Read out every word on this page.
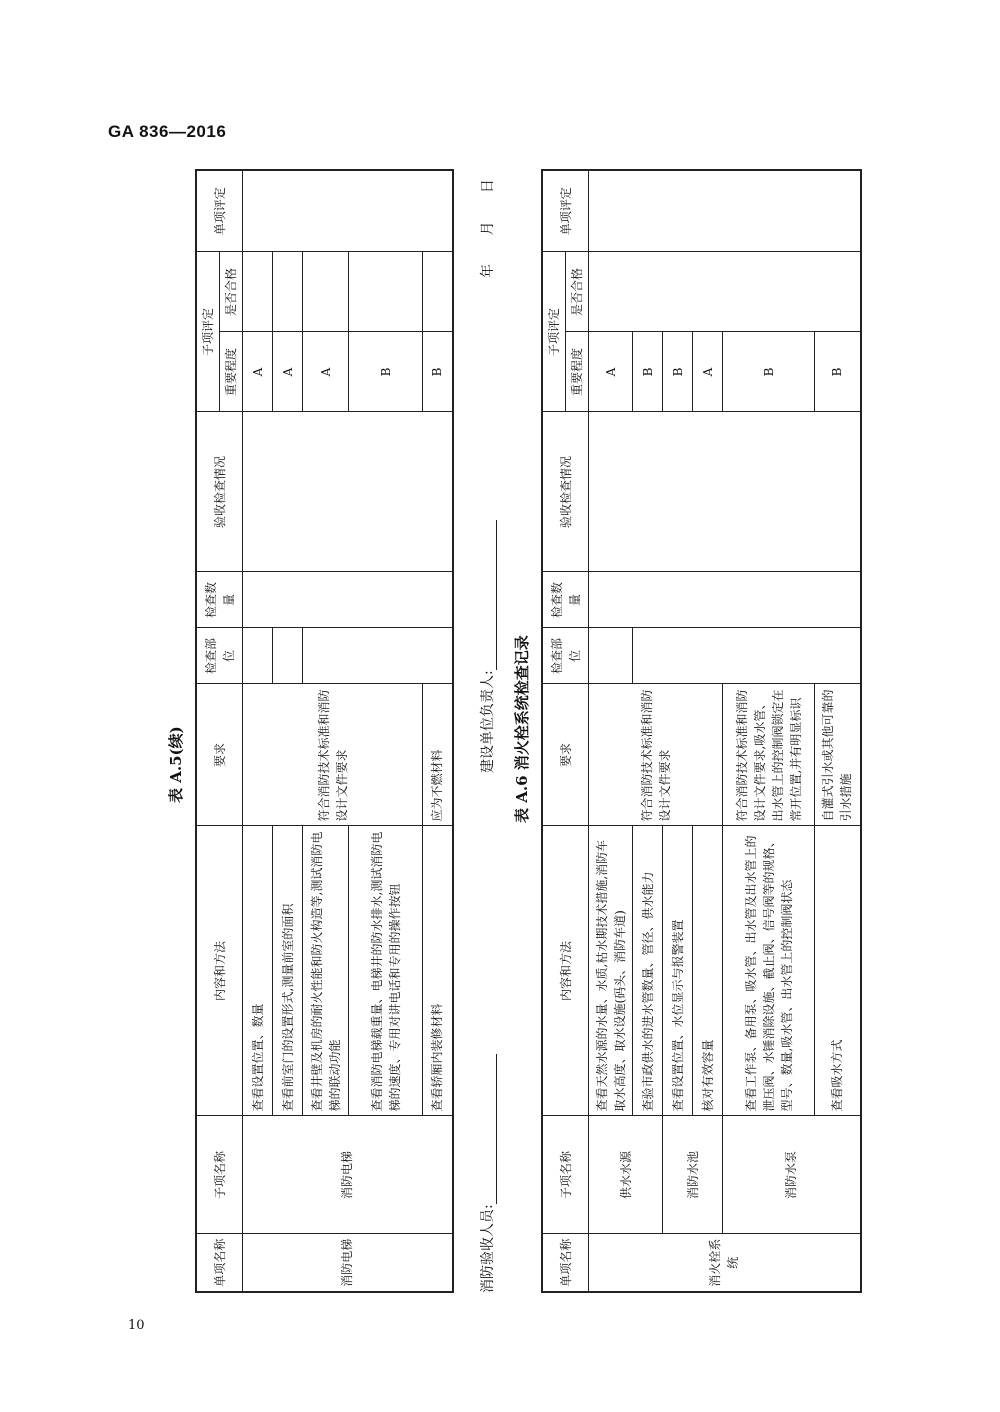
GA 836—2016
表 A.5(续)
单项名称	子项名称	内容和方法	要求	检查部位	检查数量	验收检查情况	子项评定		单项评定
							重要程度	是否合格	
消防电梯	消防电梯	查看设置位置、数量	符合消防技术标准和消防设计文件要求				A		
		查看前室门的设置形式,测量前室的面积					A		
		查看井壁及机房的耐火性能和防火构造等,测试消防电梯的联动功能					A		
		查看消防电梯载重量、电梯井的防水排水,测试消防电梯的速度、专用对讲电话和专用的操作按钮					B		
		查看轿厢内装修材料	应为不燃材料				B		
消防验收人员:
建设单位负责人:
年 月 日
表 A.6 消火栓系统检查记录
单项名称	子项名称	内容和方法	要求	检查部位	检查数量	验收检查情况	子项评定		单项评定
							重要程度	是否合格	
消火栓系统	供水水源	查看天然水源的水量、水质,枯水期技术措施,消防车取水高度、取水设施(码头、消防车道)	符合消防技术标准和消防设计文件要求				A		
		查验市政供水的进水管数量、管径、供水能力					B		
	消防水池	查看设置位置、水位显示与报警装置					B		
		核对有效容量					A		
	消防水泵	查看工作泵、备用泵、吸水管、出水管及出水管上的泄压阀、水锤消除设施、截止阀、信号阀等的规格、型号、数量,吸水管、出水管上的控制阀状态	符合消防技术标准和消防设计文件要求,吸水管、出水管上的控制阀锁定在常开位置,并有明显标识				B		
		查看吸水方式	自灌式引水或其他可靠的引水措施				B		
10
